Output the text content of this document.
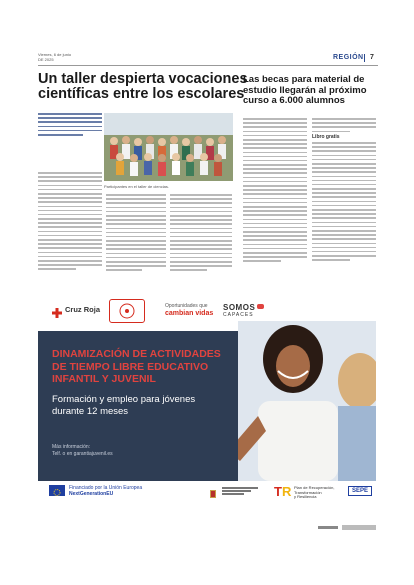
Viernes, 6 de junio
DE 2025	REGIÓN 7
Un taller despierta vocaciones
científicas entre los escolares
Participantes en el taller de ciencias.
Las becas para material de
estudio llegarán al próximo
curso a 6.000 alumnos
Libro gratis
Cruz Roja	Oportunidades que
cambian vidas
SOMOS
CAPACES
DINAMIZACIÓN DE ACTIVIDADES
DE TIEMPO LIBRE EDUCATIVO
INFANTIL Y JUVENIL
Formación y empleo para jóvenes
durante 12 meses
Más información:
Telf. o en garantiajuvenil.es
Financiado por la Unión Europea
NextGenerationEU	TR Plan de Recuperación,
Transformación
y Resiliencia
SEPE
